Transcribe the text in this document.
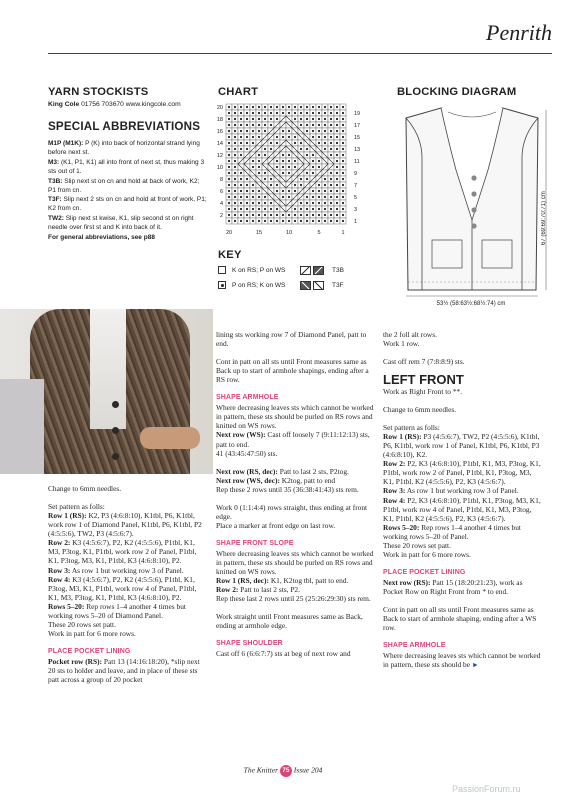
Penrith
YARN STOCKISTS
King Cole 01756 703670 www.kingcole.com
SPECIAL ABBREVIATIONS

M1P (M1K): P (K) into back of horizontal strand lying before next st.

M3: (K1, P1, K1) all into front of next st, thus making 3 sts out of 1.

T3B: Slip next st on cn and hold at back of work, K2; P1 from cn.

T3F: Slip next 2 sts on cn and hold at front of work, P1; K2 from cn.

TW2: Slip next st kwise, K1, slip second st on right needle over first st and K into back of it.

For general abbreviations, see p88

CHART
19
17
15
13
11
9
7
5
3
1
20
18
16
14
12
10
8
6
4
2
20	15	10	5	1
KEY
K on RS; P on WS
P on RS; K on WS
T3B
T3F
BLOCKING DIAGRAM
67 (69:69:70:71) cm
53½ (58:63½:68½:74) cm

Change to 6mm needles.

Set pattern as folls:
Row 1 (RS): K2, P3 (4:6:8:10), K1tbl, P6, K1tbl, work row 1 of Diamond Panel, K1tbl, P6, K1tbl, P2 (4:5:5:6), TW2, P3 (4:5:6:7).
Row 2: K3 (4:5:6:7), P2, K2 (4:5:5:6), P1tbl, K1, M3, P3tog, K1, P1tbl, work row 2 of Panel, P1tbl, K1, P3tog, M3, K1, P1tbl, K3 (4:6:8:10), P2.
Row 3: As row 1 but working row 3 of Panel.
Row 4: K3 (4:5:6:7), P2, K2 (4:5:5:6), P1tbl, K1, P3tog, M3, K1, P1tbl, work row 4 of Panel, P1tbl, K1, M3, P3tog, K1, P1tbl, K3 (4:6:8:10), P2.
Rows 5–20: Rep rows 1–4 another 4 times but working rows 5–20 of Diamond Panel.
These 20 rows set patt.

Work in patt for 6 more rows.

PLACE POCKET LINING
Pocket row (RS): Patt 13 (14:16:18:20), *slip next 20 sts to holder and leave, and in place of these sts patt across a group of 20 pocket

lining sts working row 7 of Diamond Panel, patt to end.

Cont in patt on all sts until Front measures same as Back up to start of armhole shapings, ending after a RS row.

SHAPE ARMHOLE
Where decreasing leaves sts which cannot be worked in pattern, these sts should be purled on RS rows and knitted on WS rows.
Next row (WS): Cast off loosely 7 (9:11:12:13) sts, patt to end.

41 (43:45:47:50) sts.

Next row (RS, dec): Patt to last 2 sts, P2tog.
Next row (WS, dec): K2tog, patt to end

Rep these 2 rows until 35 (36:38:41:43) sts rem.

Work 0 (1:1:4:4) rows straight, thus ending at front edge.

Place a marker at front edge on last row.

SHAPE FRONT SLOPE
Where decreasing leaves sts which cannot be worked in pattern, these sts should be purled on RS rows and knitted on WS rows.
Row 1 (RS, dec): K1, K2tog tbl, patt to end.
Row 2: Patt to last 2 sts, P2.

Rep these last 2 rows until 25 (25:26:29:30) sts rem.

Work straight until Front measures same as Back, ending at armhole edge.

SHAPE SHOULDER
Cast off 6 (6:6:7:7) sts at beg of next row and
the 2 foll alt rows.

Work 1 row.

Cast off rem 7 (7:8:8:9) sts.

LEFT FRONT

Work as Right Front to **.

Change to 6mm needles.

Set pattern as folls:
Row 1 (RS): P3 (4:5:6:7), TW2, P2 (4:5:5:6), K1tbl, P6, K1tbl, work row 1 of Panel, K1tbl, P6, K1tbl, P3 (4:6:8:10), K2.
Row 2: P2, K3 (4:6:8:10), P1tbl, K1, M3, P3tog, K1, P1tbl, work row 2 of Panel, P1tbl, K1, P3tog, M3, K1, P1tbl, K2 (4:5:5:6), P2, K3 (4:5:6:7).
Row 3: As row 1 but working row 3 of Panel.
Row 4: P2, K3 (4:6:8:10), P1tbl, K1, P3tog, M3, K1, P1tbl, work row 4 of Panel, P1tbl, K1, M3, P3tog, K1, P1tbl, K2 (4:5:5:6), P2, K3 (4:5:6:7).
Rows 5–20: Rep rows 1–4 another 4 times but working rows 5–20 of Panel.
These 20 rows set patt.

Work in patt for 6 more rows.

PLACE POCKET LINING

Next row (RS): Patt 15 (18:20:21:23), work as Pocket Row on Right Front from * to end.

Cont in patt on all sts until Front measures same as Back to start of armhole shaping, ending after a WS row.

SHAPE ARMHOLE
Where decreasing leaves sts which cannot be worked in pattern, these sts should be ►
The Knitter 75 Issue 204
PassionForum.ru
